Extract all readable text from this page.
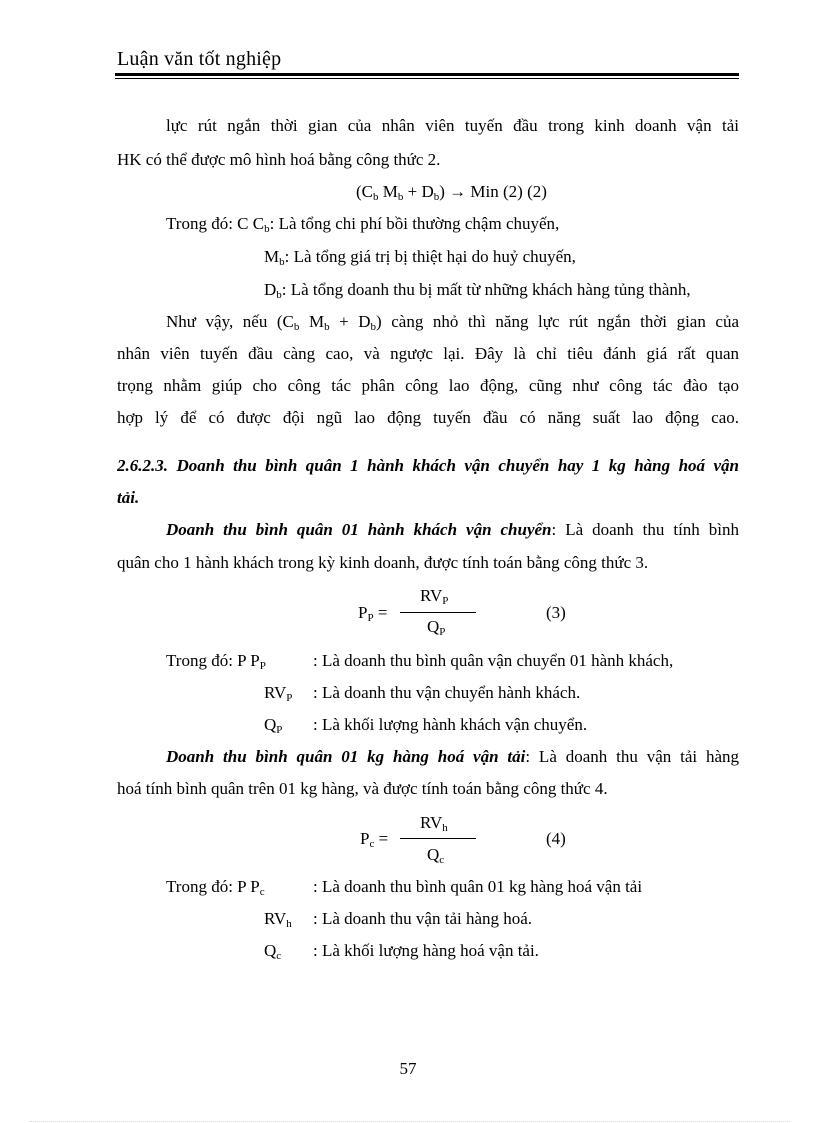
Luận văn tốt nghiệp
lực rút ngắn thời gian của nhân viên tuyến đầu trong kinh doanh vận tải
HK có thể được mô hình hoá bằng công thức 2.
($C_b$ $M_b + D_b$) → Min (2) (2)
Trong đó: C $C_b$: Là tổng chi phí bồi thường chậm chuyến,
$M_b$: Là tổng giá trị bị thiệt hại do huỷ chuyến,
$D_b$: Là tổng doanh thu bị mất từ những khách hàng tủng thành,
Như vậy, nếu ($C_b$ $M_b + D_b$) càng nhỏ thì năng lực rút ngắn thời gian của
nhân viên tuyến đầu càng cao, và ngược lại. Đây là chỉ tiêu đánh giá rất quan
trọng nhằm giúp cho công tác phân công lao động, cũng như công tác đào tạo
hợp lý để có được đội ngũ lao động tuyến đầu có năng suất lao động cao.
2.6.2.3. Doanh thu bình quân 1 hành khách vận chuyển hay 1 kg hàng hoá vận
tải.
Doanh thu bình quân 01 hành khách vận chuyển: Là doanh thu tính bình
quân cho 1 hành khách trong kỳ kinh doanh, được tính toán bằng công thức 3.
$RV_P$
$P_P$ =
$Q_P$
(3)
Trong đó: P $P_P$	: Là doanh thu bình quân vận chuyển 01 hành khách,
$RV_P$ : Là doanh thu vận chuyển hành khách.
$Q_P$ : Là khối lượng hành khách vận chuyển.
Doanh thu bình quân 01 kg hàng hoá vận tải: Là doanh thu vận tải hàng
hoá tính bình quân trên 01 kg hàng, và được tính toán bằng công thức 4.
$RV_h$
$P_c$ =
$Q_c$
(4)
Trong đó: P $P_c$	: Là doanh thu bình quân 01 kg hàng hoá vận tải
$RV_h$ : Là doanh thu vận tải hàng hoá.
$Q_c$ : Là khối lượng hàng hoá vận tải.
57
